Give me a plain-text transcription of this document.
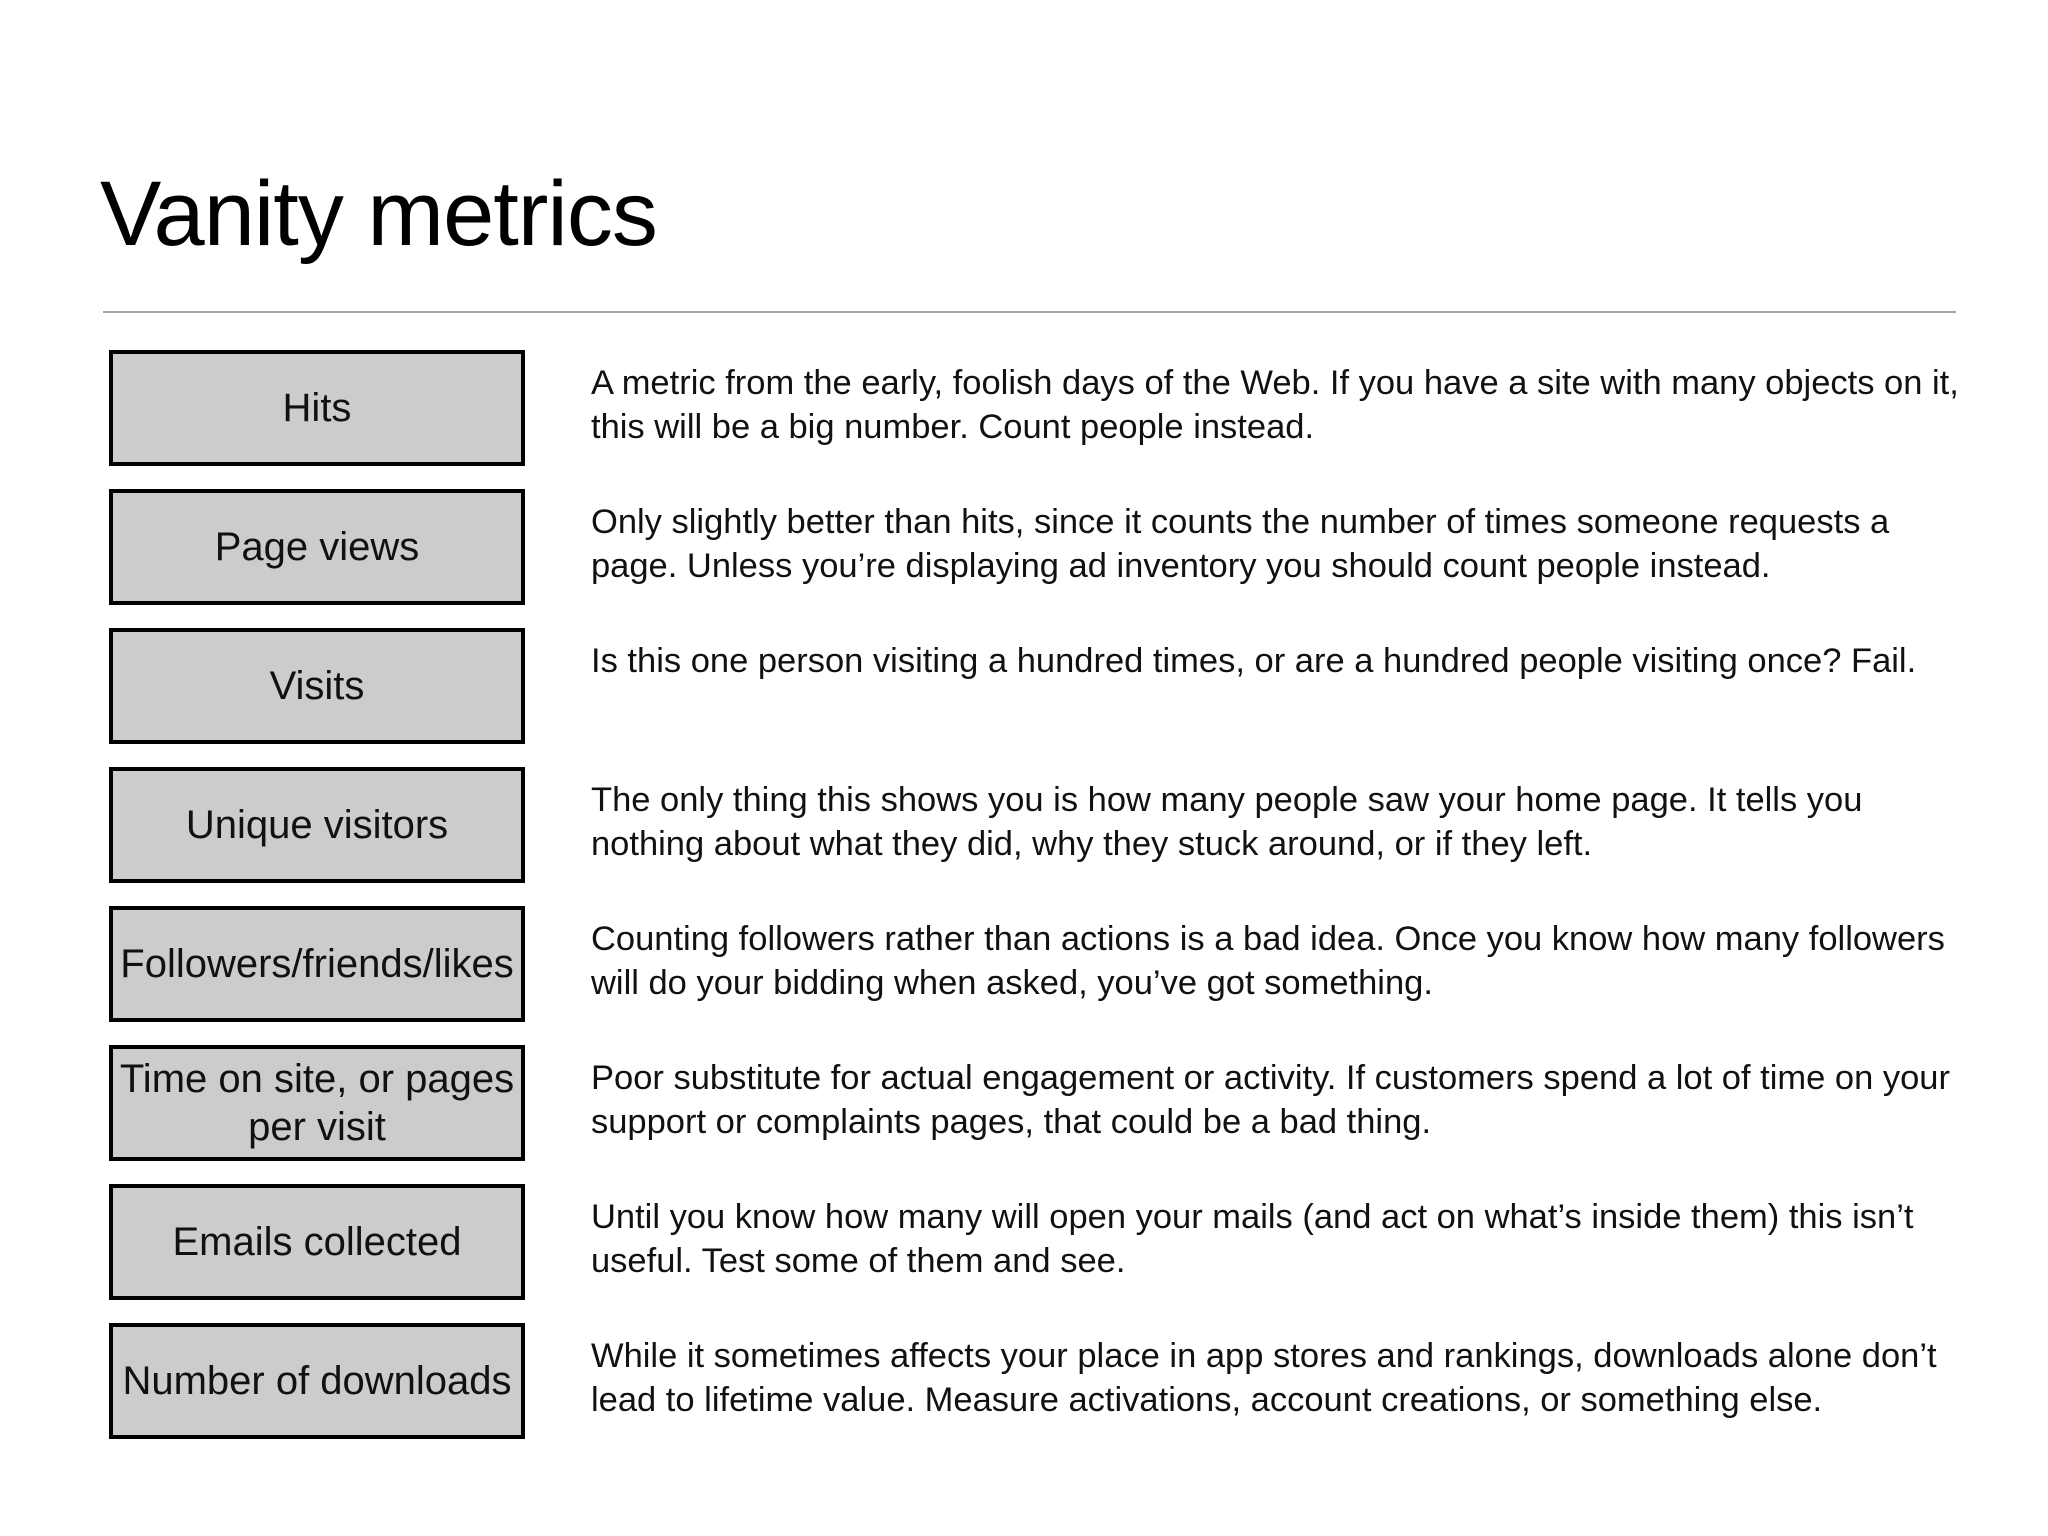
Vanity metrics
Hits

A metric from the early, foolish days of the Web. If you have a site with many objects on it, this will be a big number. Count people instead.

Page views

Only slightly better than hits, since it counts the number of times someone requests a page. Unless you’re displaying ad inventory you should count people instead.

Visits

Is this one person visiting a hundred times, or are a hundred people visiting once? Fail.

Unique visitors

The only thing this shows you is how many people saw your home page. It tells you nothing about what they did, why they stuck around, or if they left.

Followers/friends/likes

Counting followers rather than actions is a bad idea. Once you know how many followers will do your bidding when asked, you’ve got something.

Time on site, or pages per visit

Poor substitute for actual engagement or activity. If customers spend a lot of time on your support or complaints pages, that could be a bad thing.

Emails collected

Until you know how many will open your mails (and act on what’s inside them) this isn’t useful. Test some of them and see.

Number of downloads

While it sometimes affects your place in app stores and rankings, downloads alone don’t lead to lifetime value. Measure activations, account creations, or something else.
